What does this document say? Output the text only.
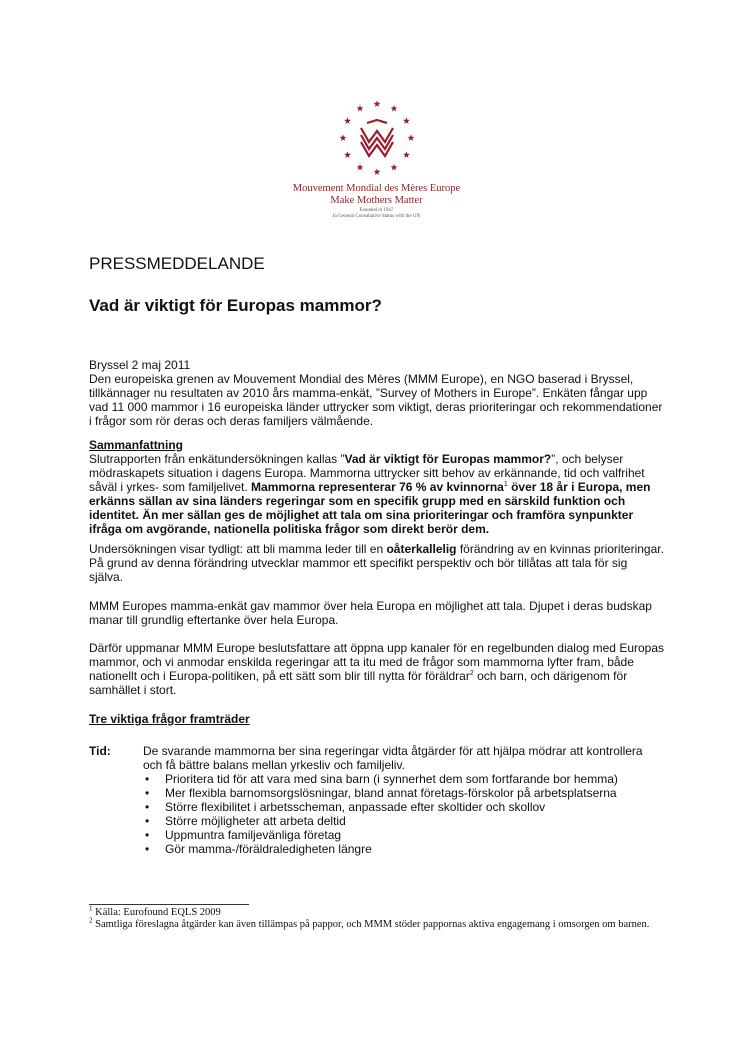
Mouvement Mondial des Mères Europe
Make Mothers Matter
Founded in 1947
In General Consultative Status with the UN
PRESSMEDDELANDE
Vad är viktigt för Europas mammor?

Bryssel 2 maj 2011

Den europeiska grenen av Mouvement Mondial des Mères (MMM Europe), en NGO baserad i Bryssel, tillkännager nu resultaten av 2010 års mamma-enkät, ”Survey of Mothers in Europe”. Enkäten fångar upp vad 11 000 mammor i 16 europeiska länder uttrycker som viktigt, deras prioriteringar och rekommendationer i frågor som rör deras och deras familjers välmående.

Sammanfattning

Slutrapporten från enkätundersökningen kallas ”Vad är viktigt för Europas mammor?”, och belyser mödraskapets situation i dagens Europa. Mammorna uttrycker sitt behov av erkännande, tid och valfrihet såväl i yrkes- som familjelivet. Mammorna representerar 76 % av kvinnorna$^1$ över 18 år i Europa, men erkänns sällan av sina länders regeringar som en specifik grupp med en särskild funktion och identitet. Än mer sällan ges de möjlighet att tala om sina prioriteringar och framföra synpunkter ifråga om avgörande, nationella politiska frågor som direkt berör dem.

Undersökningen visar tydligt: att bli mamma leder till en oåterkallelig förändring av en kvinnas prioriteringar. På grund av denna förändring utvecklar mammor ett specifikt perspektiv och bör tillåtas att tala för sig själva.

MMM Europes mamma-enkät gav mammor över hela Europa en möjlighet att tala. Djupet i deras budskap manar till grundlig eftertanke över hela Europa.

Därför uppmanar MMM Europe beslutsfattare att öppna upp kanaler för en regelbunden dialog med Europas mammor, och vi anmodar enskilda regeringar att ta itu med de frågor som mammorna lyfter fram, både nationellt och i Europa-politiken, på ett sätt som blir till nytta för föräldrar$^2$ och barn, och därigenom för samhället i stort.

Tre viktiga frågor framträder

Tid:	De svarande mammorna ber sina regeringar vidta åtgärder för att hjälpa mödrar att kontrollera och få bättre balans mellan yrkesliv och familjeliv.
• Prioritera tid för att vara med sina barn (i synnerhet dem som fortfarande bor hemma)
• Mer flexibla barnomsorgslösningar, bland annat företags-förskolor på arbetsplatserna
• Större flexibilitet i arbetsscheman, anpassade efter skoltider och skollov
• Större möjligheter att arbeta deltid
• Uppmuntra familjevänliga företag
• Gör mamma-/föräldraledigheten längre

$^1$ Källa: Eurofound EQLS 2009

$^2$ Samtliga föreslagna åtgärder kan även tillämpas på pappor, och MMM stöder pappornas aktiva engagemang i omsorgen om barnen.
